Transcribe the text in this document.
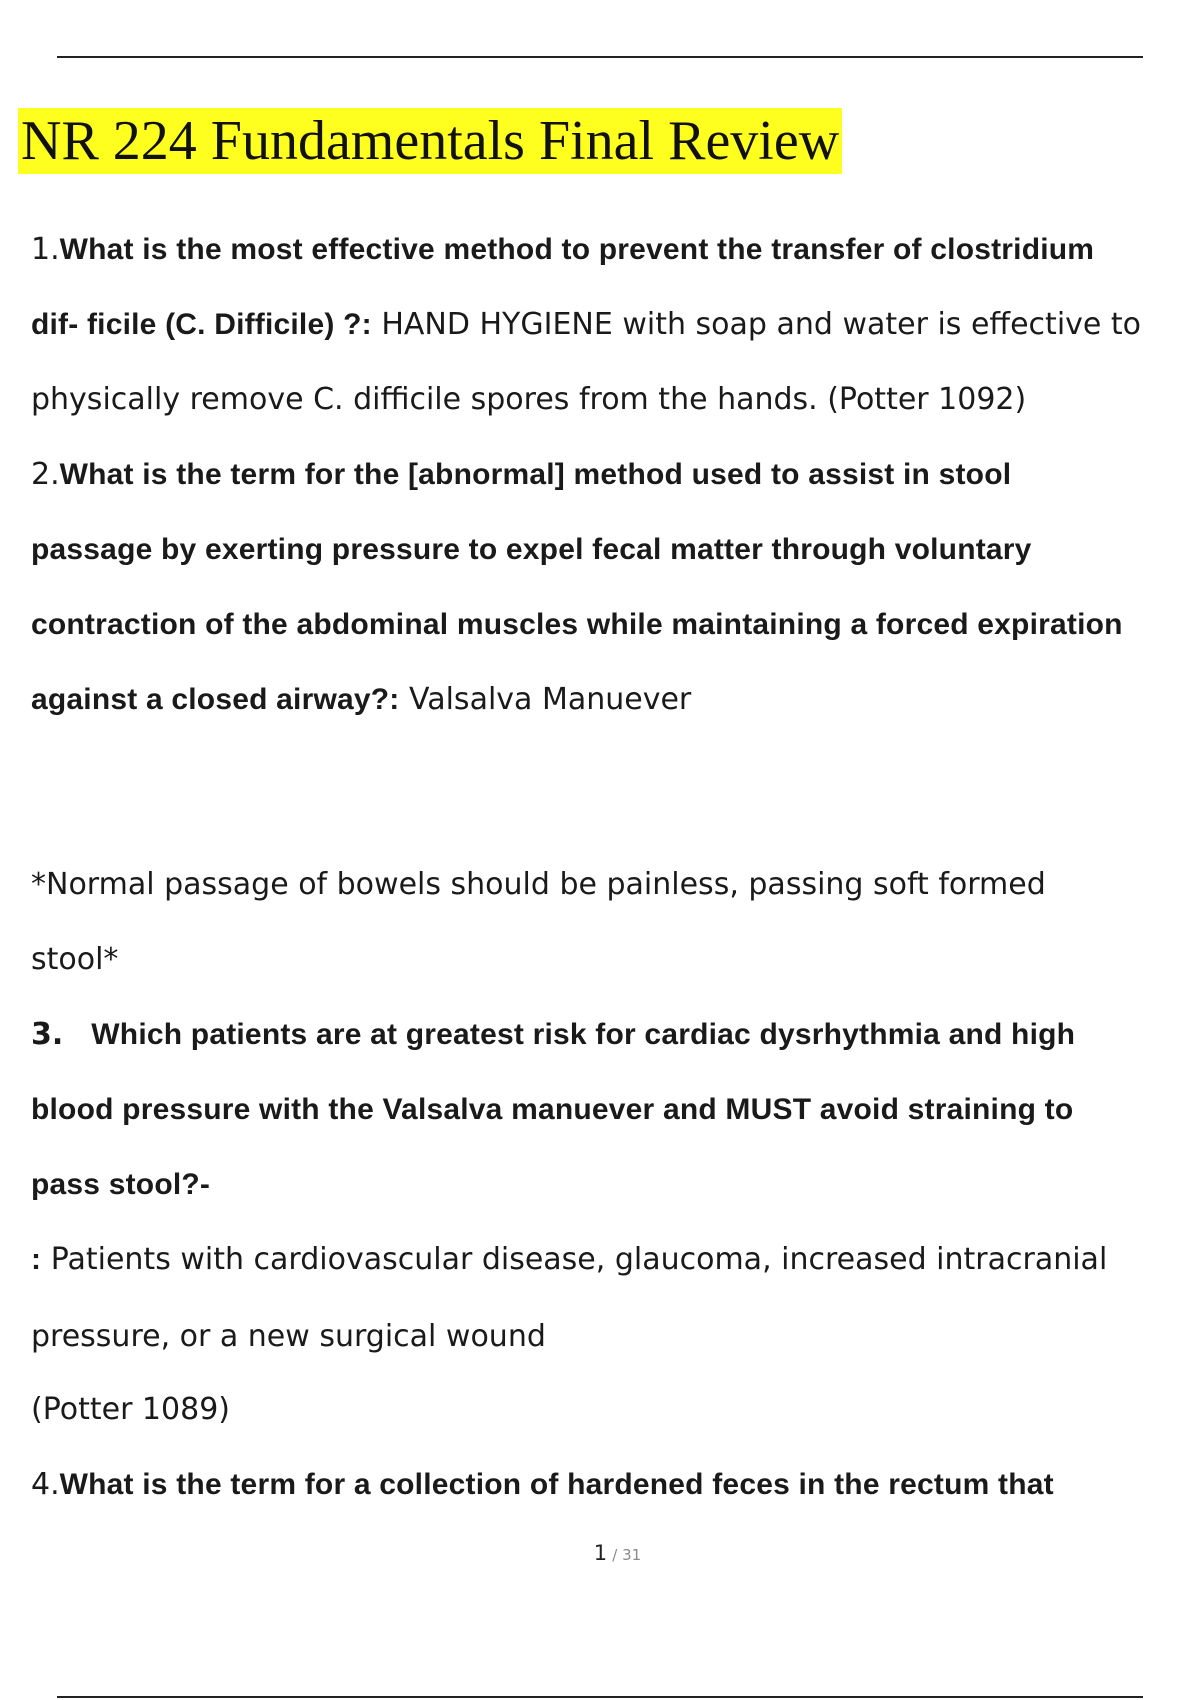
NR 224 Fundamentals Final Review
1.What is the most effective method to prevent the transfer of clostridium
dif- ficile (C. Difficile) ?: HAND HYGIENE with soap and water is effective to
physically remove C. difficile spores from the hands. (Potter 1092)
2.What is the term for the [abnormal] method used to assist in stool
passage by exerting pressure to expel fecal matter through voluntary
contraction of the abdominal muscles while maintaining a forced expiration
against a closed airway?: Valsalva Manuever
*Normal passage of bowels should be painless, passing soft formed
stool*
3. Which patients are at greatest risk for cardiac dysrhythmia and high
blood pressure with the Valsalva manuever and MUST avoid straining to
pass stool?-
: Patients with cardiovascular disease, glaucoma, increased intracranial
pressure, or a new surgical wound
(Potter 1089)
4.What is the term for a collection of hardened feces in the rectum that
1 / 31
